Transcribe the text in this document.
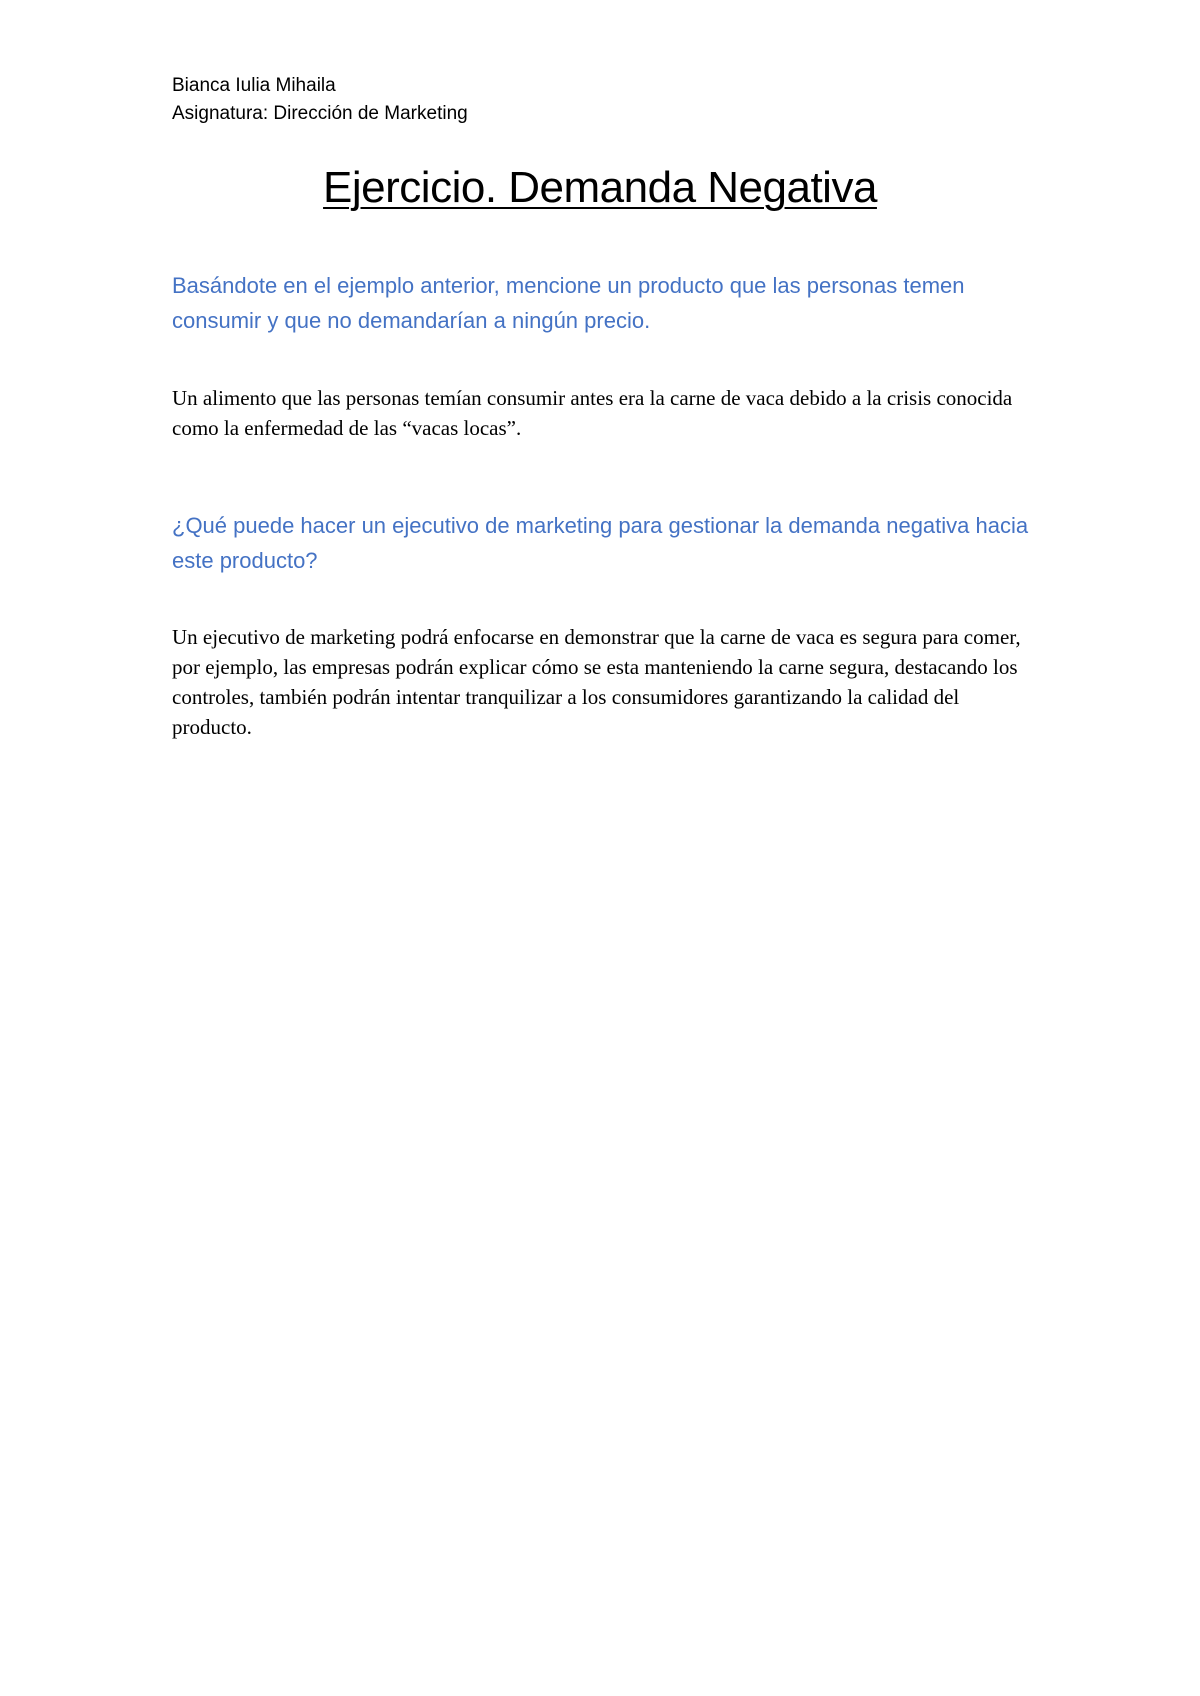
Bianca Iulia Mihaila
Asignatura: Dirección de Marketing
Ejercicio. Demanda Negativa
Basándote en el ejemplo anterior, mencione un producto que las personas temen consumir y que no demandarían a ningún precio.
Un alimento que las personas temían consumir antes era la carne de vaca debido a la crisis conocida como la enfermedad de las “vacas locas”.
¿Qué puede hacer un ejecutivo de marketing para gestionar la demanda negativa hacia este producto?
Un ejecutivo de marketing podrá enfocarse en demonstrar que la carne de vaca es segura para comer, por ejemplo, las empresas podrán explicar cómo se esta manteniendo la carne segura, destacando los controles, también podrán intentar tranquilizar a los consumidores garantizando la calidad del producto.
